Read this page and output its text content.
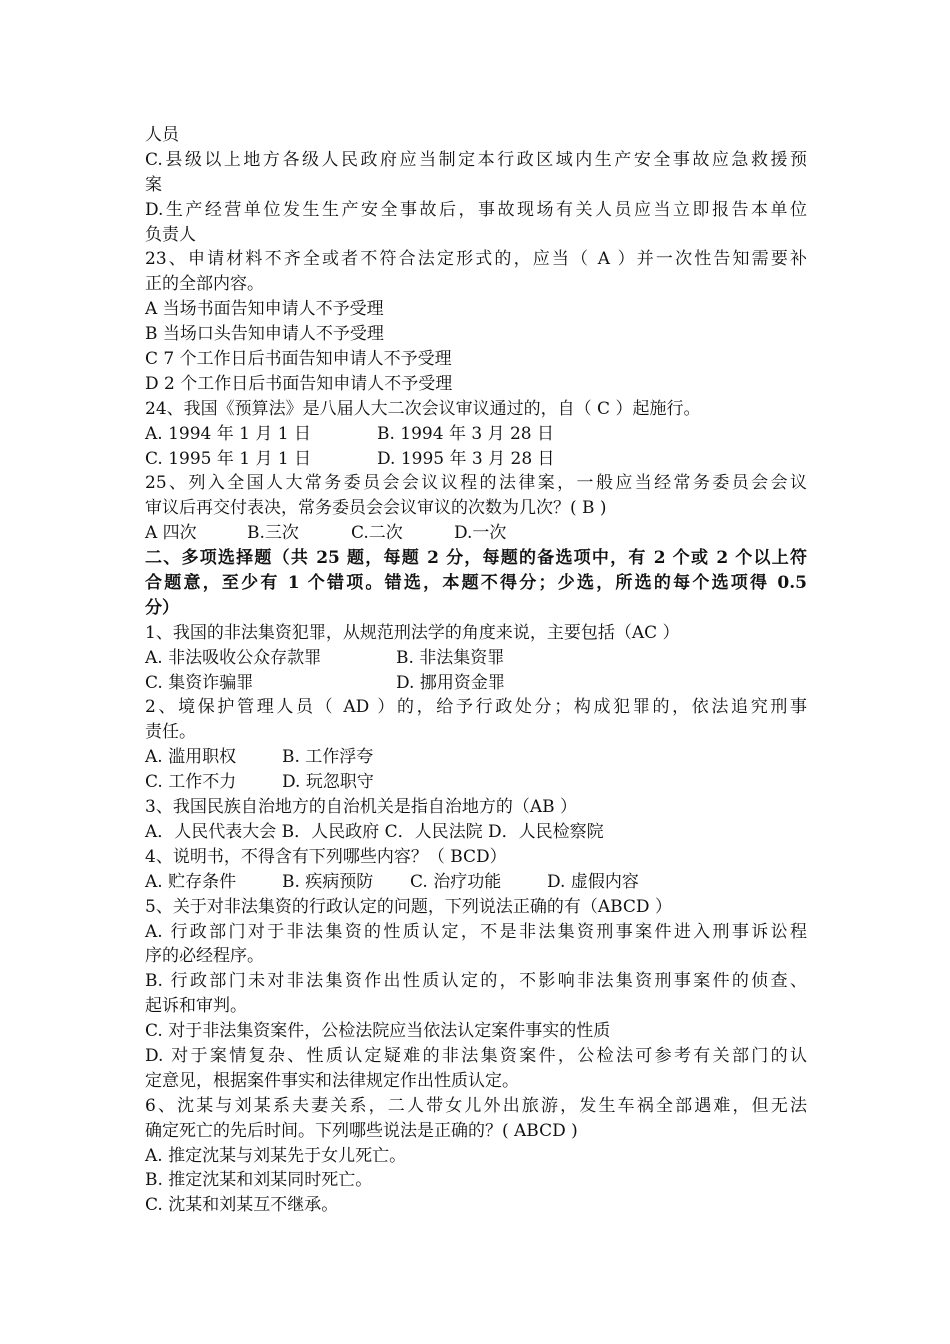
人员
C.县级以上地方各级人民政府应当制定本行政区域内生产安全事故应急救援预
案
D.生产经营单位发生生产安全事故后，事故现场有关人员应当立即报告本单位
负责人
23、申请材料不齐全或者不符合法定形式的，应当（ A ）并一次性告知需要补
正的全部内容。
A 当场书面告知申请人不予受理
B 当场口头告知申请人不予受理
C 7 个工作日后书面告知申请人不予受理
D 2 个工作日后书面告知申请人不予受理
24、我国《预算法》是八届人大二次会议审议通过的，自（ C ）起施行。
A. 1994 年 1 月 1 日	B. 1994 年 3 月 28 日
C. 1995 年 1 月 1 日	D. 1995 年 3 月 28 日
25、列入全国人大常务委员会会议议程的法律案，一般应当经常务委员会会议
审议后再交付表决，常务委员会会议审议的次数为几次？( B )
A 四次	B.三次	C.二次	D.一次
二、多项选择题（共 25 题，每题 2 分，每题的备选项中，有 2 个或 2 个以上符
合题意，至少有 1 个错项。错选，本题不得分；少选，所选的每个选项得 0.5
分）
1、我国的非法集资犯罪，从规范刑法学的角度来说，主要包括（AC ）
A. 非法吸收公众存款罪	B. 非法集资罪
C. 集资诈骗罪	D. 挪用资金罪
2、境保护管理人员（ AD ）的，给予行政处分；构成犯罪的，依法追究刑事
责任。
A. 滥用职权	B. 工作浮夸
C. 工作不力	D. 玩忽职守
3、我国民族自治地方的自治机关是指自治地方的（AB ）
A．人民代表大会 B．人民政府 C．人民法院 D．人民检察院
4、说明书，不得含有下列哪些内容？（ BCD）
A. 贮存条件	B. 疾病预防 C. 治疗功能	D. 虚假内容
5、关于对非法集资的行政认定的问题，下列说法正确的有（ABCD ）
A. 行政部门对于非法集资的性质认定，不是非法集资刑事案件进入刑事诉讼程
序的必经程序。
B. 行政部门未对非法集资作出性质认定的，不影响非法集资刑事案件的侦查、
起诉和审判。
C. 对于非法集资案件，公检法院应当依法认定案件事实的性质
D. 对于案情复杂、性质认定疑难的非法集资案件，公检法可参考有关部门的认
定意见，根据案件事实和法律规定作出性质认定。
6、沈某与刘某系夫妻关系，二人带女儿外出旅游，发生车祸全部遇难，但无法
确定死亡的先后时间。下列哪些说法是正确的？( ABCD )
A. 推定沈某与刘某先于女儿死亡。
B. 推定沈某和刘某同时死亡。
C. 沈某和刘某互不继承。
